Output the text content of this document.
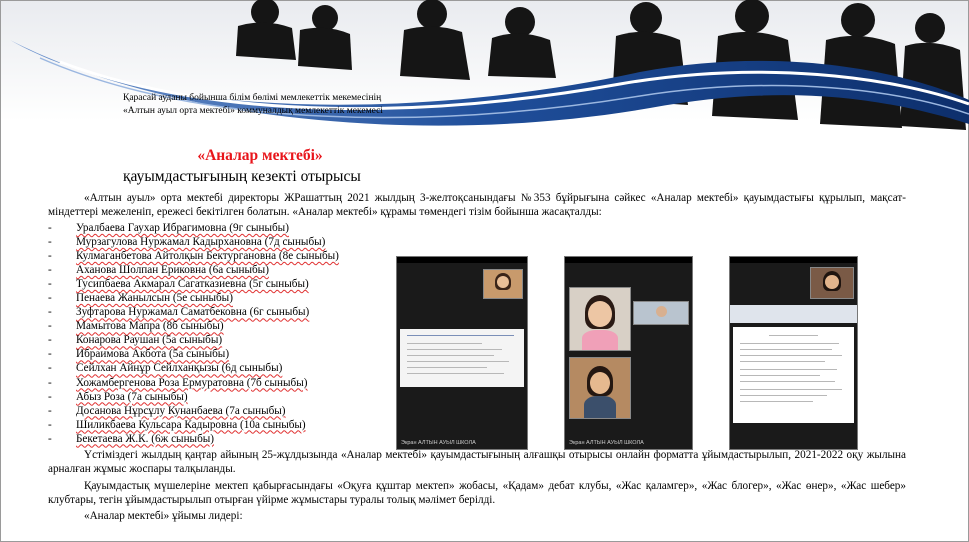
Қарасай ауданы бойынша білім бөлімі мемлекеттік мекемесінің
«Алтын ауыл орта мектебі» коммуналдық мемлекеттік мекемесі
«Аналар мектебі»
қауымдастығының кезекті отырысы
«Алтын ауыл» орта мектебі директоры ЖРашаттың 2021 жылдың 3-желтоқсанындағы №353 бұйрығына сәйкес «Аналар мектебі» қауымдастығы құрылып, мақсат-міндеттері межеленіп, ережесі бекітілген болатын. «Аналар мектебі» құрамы төмендегі тізім бойынша жасақталды:
- Уралбаева Гаухар Ибрагимовна (9г сыныбы)
- Мурзагулова Нуржамал Кадырхановна (7д сыныбы)
- Кулмаганбетова Айтолқын Бектургановна (8е сыныбы)
- Аханова Шолпан Ериковна (6а сыныбы)
- Тусипбаева Акмарал Сагатказиевна (5г сыныбы)
- Пенаева Жанылсын (5е сыныбы)
- Зуфтарова Нуржамал Саматбековна (6г сыныбы)
- Мамытова Мапра (8б сыныбы)
- Конарова Раушан (5а сыныбы)
- Ибраимова Акбота (5а сыныбы)
- Сейлхан Айнұр Сейлханқызы (6д сыныбы)
- Хожамбергенова Роза Ермуратовна (7б сыныбы)
- Абыз Роза (7а сыныбы)
- Досанова Нұрсұлу Кунанбаева (7а сыныбы)
- Шиликбаева Кульсара Кадыровна (10а сыныбы)
- Бекетаева Ж.К. (6ж сыныбы)	Экран АЛТЫН АУЫЛ ШКОЛА	Экран АЛТЫН АУЫЛ ШКОЛА
Үстіміздегі жылдың қаңтар айының 25-жұлдызында «Аналар мектебі» қауымдастығының алғашқы отырысы онлайн форматта ұйымдастырылып, 2021-2022 оқу жылына арналған жұмыс жоспары талқыланды.
Қауымдастық мүшелеріне мектеп қабырғасындағы «Оқуға құштар мектеп» жобасы, «Қадам» дебат клубы, «Жас қаламгер», «Жас блогер», «Жас өнер», «Жас шебер» клубтары, тегін ұйымдастырылып отырған үйірме жұмыстары туралы толық мәлімет берілді.
«Аналар мектебі» ұйымы лидері:
